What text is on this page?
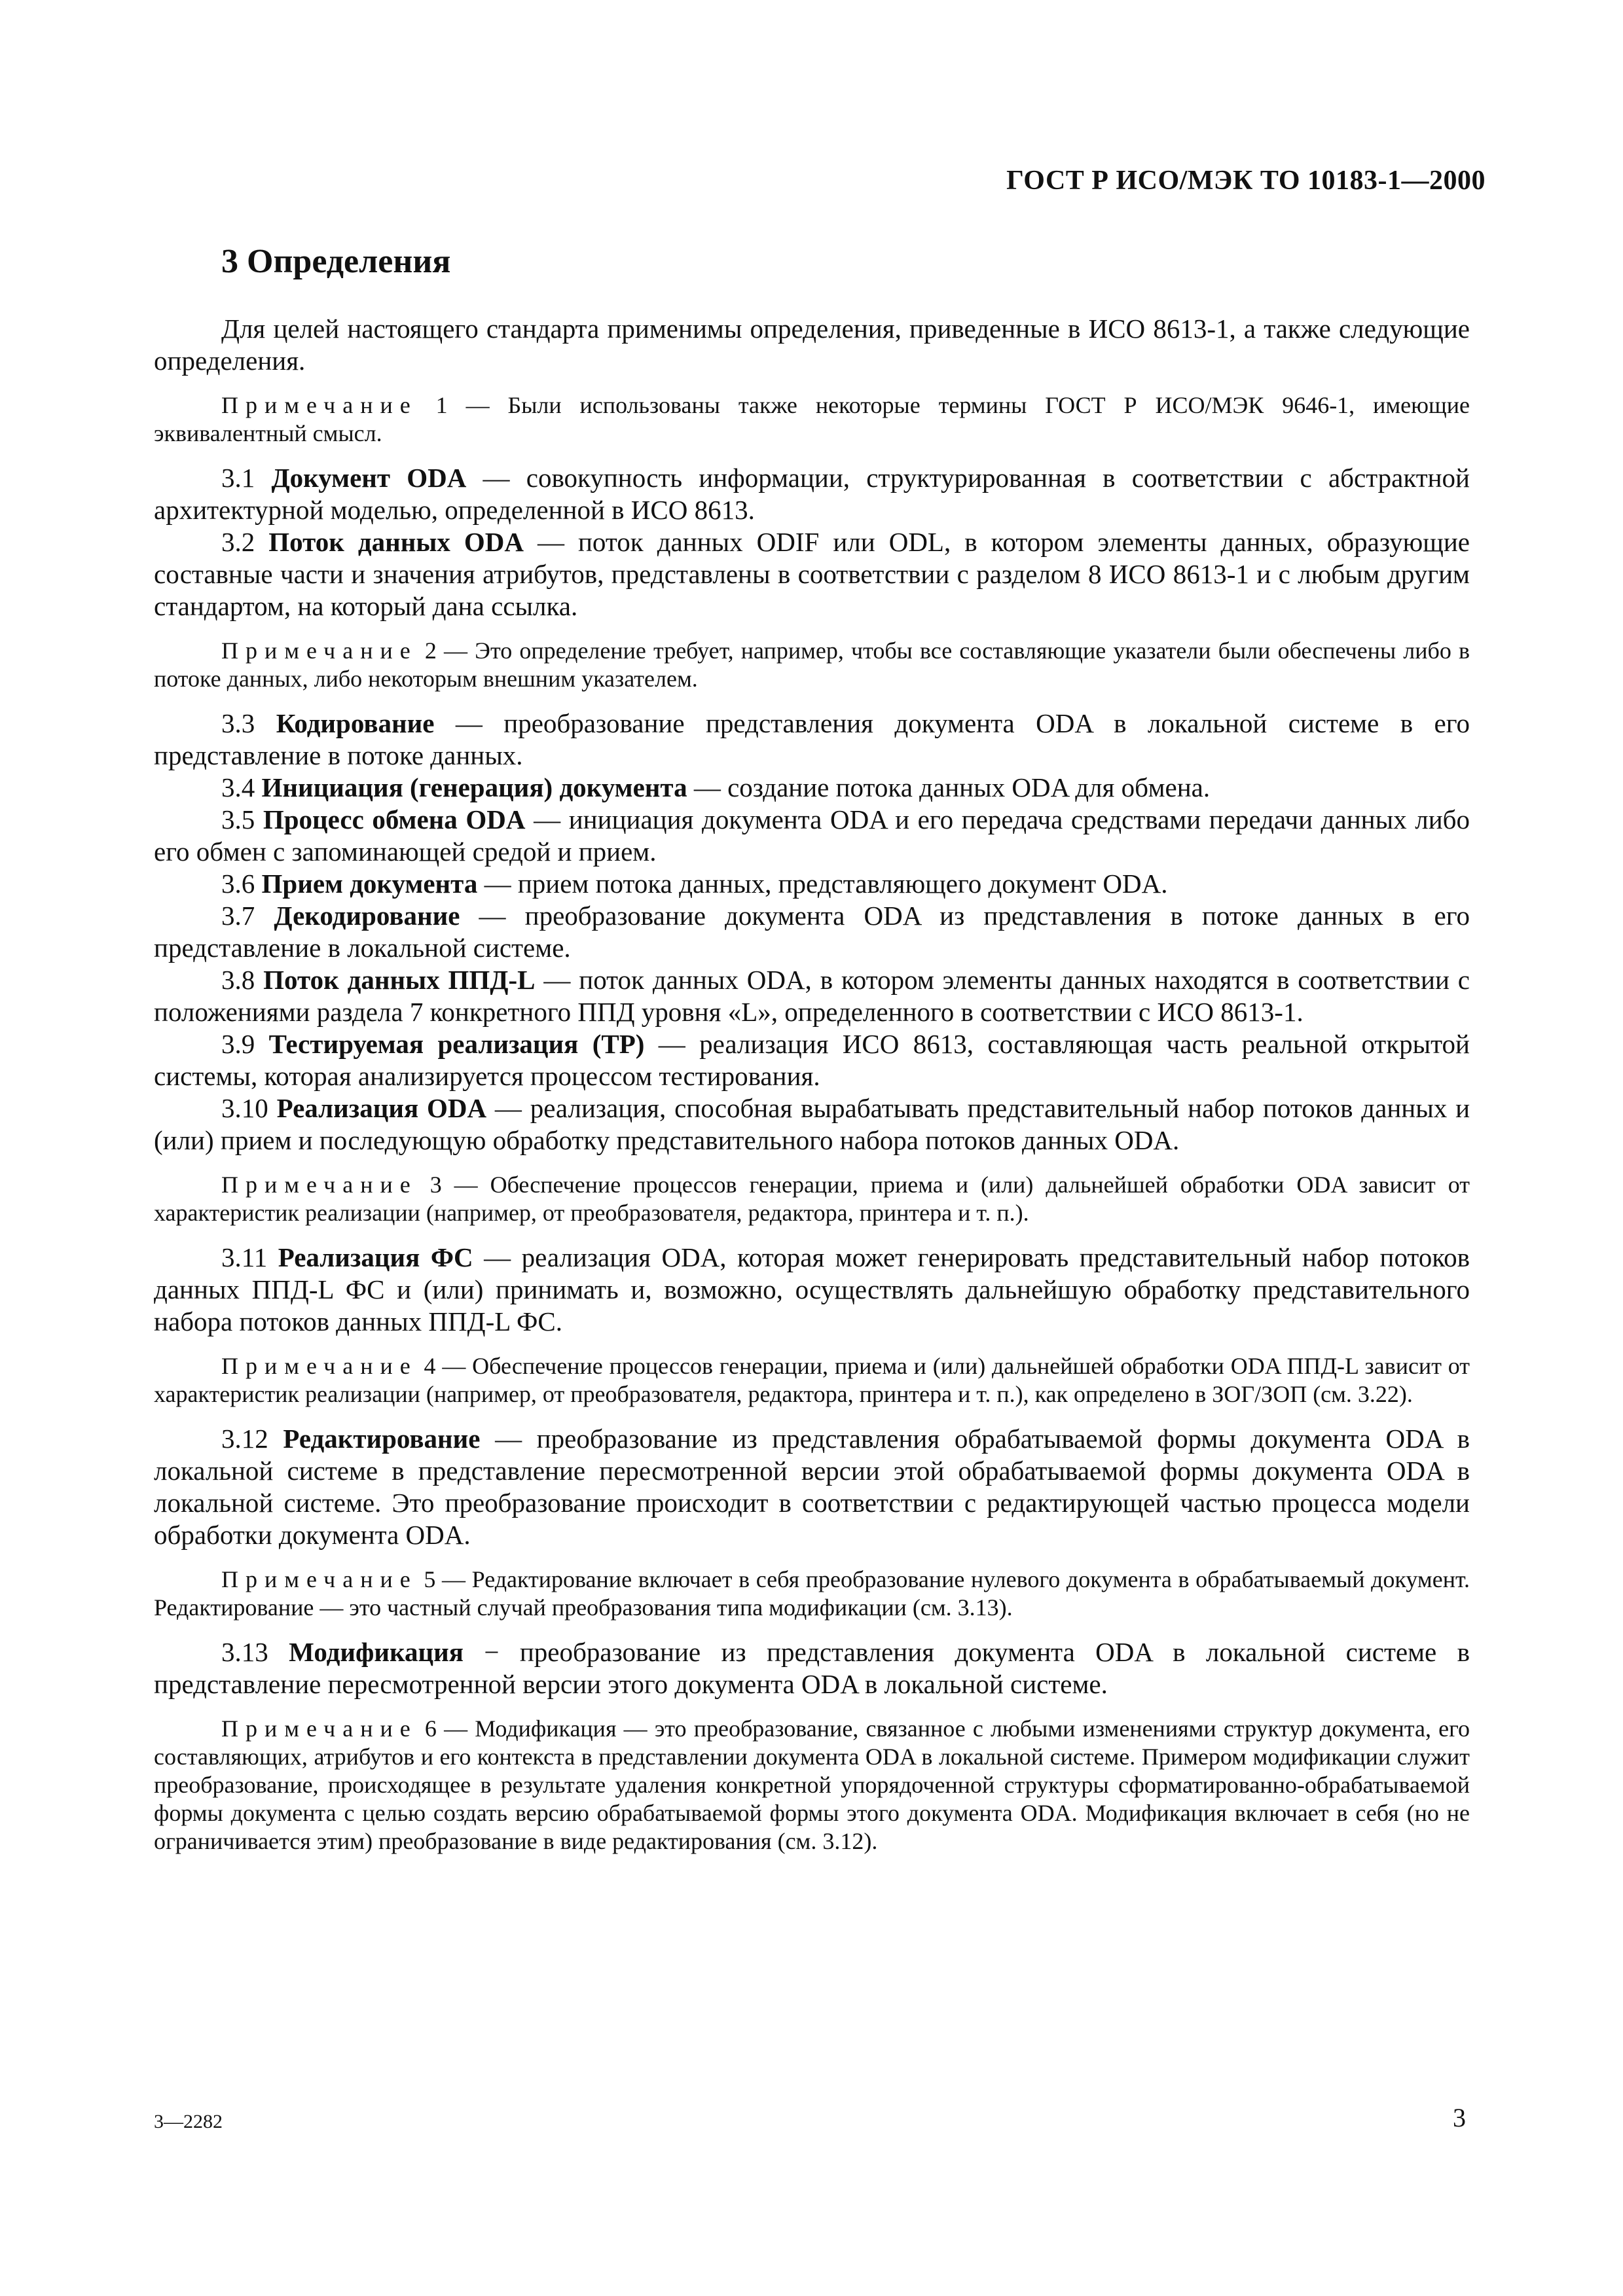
ГОСТ Р ИСО/МЭК ТО 10183-1—2000
3 Определения

Для целей настоящего стандарта применимы определения, приведенные в ИСО 8613-1, а также следующие определения.

Примечание 1 — Были использованы также некоторые термины ГОСТ Р ИСО/МЭК 9646-1, имеющие эквивалентный смысл.

3.1 Документ ODA — совокупность информации, структурированная в соответствии с абстрактной архитектурной моделью, определенной в ИСО 8613.

3.2 Поток данных ODA — поток данных ODIF или ODL, в котором элементы данных, образующие составные части и значения атрибутов, представлены в соответствии с разделом 8 ИСО 8613-1 и с любым другим стандартом, на который дана ссылка.

Примечание 2 — Это определение требует, например, чтобы все составляющие указатели были обеспечены либо в потоке данных, либо некоторым внешним указателем.

3.3 Кодирование — преобразование представления документа ODA в локальной системе в его представление в потоке данных.

3.4 Инициация (генерация) документа — создание потока данных ODA для обмена.

3.5 Процесс обмена ODA — инициация документа ODA и его передача средствами передачи данных либо его обмен с запоминающей средой и прием.

3.6 Прием документа — прием потока данных, представляющего документ ODA.

3.7 Декодирование — преобразование документа ODA из представления в потоке данных в его представление в локальной системе.

3.8 Поток данных ППД-L — поток данных ODA, в котором элементы данных находятся в соответствии с положениями раздела 7 конкретного ППД уровня «L», определенного в соответствии с ИСО 8613-1.

3.9 Тестируемая реализация (ТР) — реализация ИСО 8613, составляющая часть реальной открытой системы, которая анализируется процессом тестирования.

3.10 Реализация ODA — реализация, способная вырабатывать представительный набор потоков данных и (или) прием и последующую обработку представительного набора потоков данных ODA.

Примечание 3 — Обеспечение процессов генерации, приема и (или) дальнейшей обработки ODA зависит от характеристик реализации (например, от преобразователя, редактора, принтера и т. п.).

3.11 Реализация ФС — реализация ODA, которая может генерировать представительный набор потоков данных ППД-L ФС и (или) принимать и, возможно, осуществлять дальнейшую обработку представительного набора потоков данных ППД-L ФС.

Примечание 4 — Обеспечение процессов генерации, приема и (или) дальнейшей обработки ODA ППД-L зависит от характеристик реализации (например, от преобразователя, редактора, принтера и т. п.), как определено в ЗОГ/ЗОП (см. 3.22).

3.12 Редактирование — преобразование из представления обрабатываемой формы документа ODA в локальной системе в представление пересмотренной версии этой обрабатываемой формы документа ODA в локальной системе. Это преобразование происходит в соответствии с редактирующей частью процесса модели обработки документа ODA.

Примечание 5 — Редактирование включает в себя преобразование нулевого документа в обрабатываемый документ. Редактирование — это частный случай преобразования типа модификации (см. 3.13).

3.13 Модификация − преобразование из представления документа ODA в локальной системе в представление пересмотренной версии этого документа ODA в локальной системе.

Примечание 6 — Модификация — это преобразование, связанное с любыми изменениями структур документа, его составляющих, атрибутов и его контекста в представлении документа ODA в локальной системе. Примером модификации служит преобразование, происходящее в результате удаления конкретной упорядоченной структуры сформатированно-обрабатываемой формы документа с целью создать версию обрабатываемой формы этого документа ODA. Модификация включает в себя (но не ограничивается этим) преобразование в виде редактирования (см. 3.12).

3—2282	3
